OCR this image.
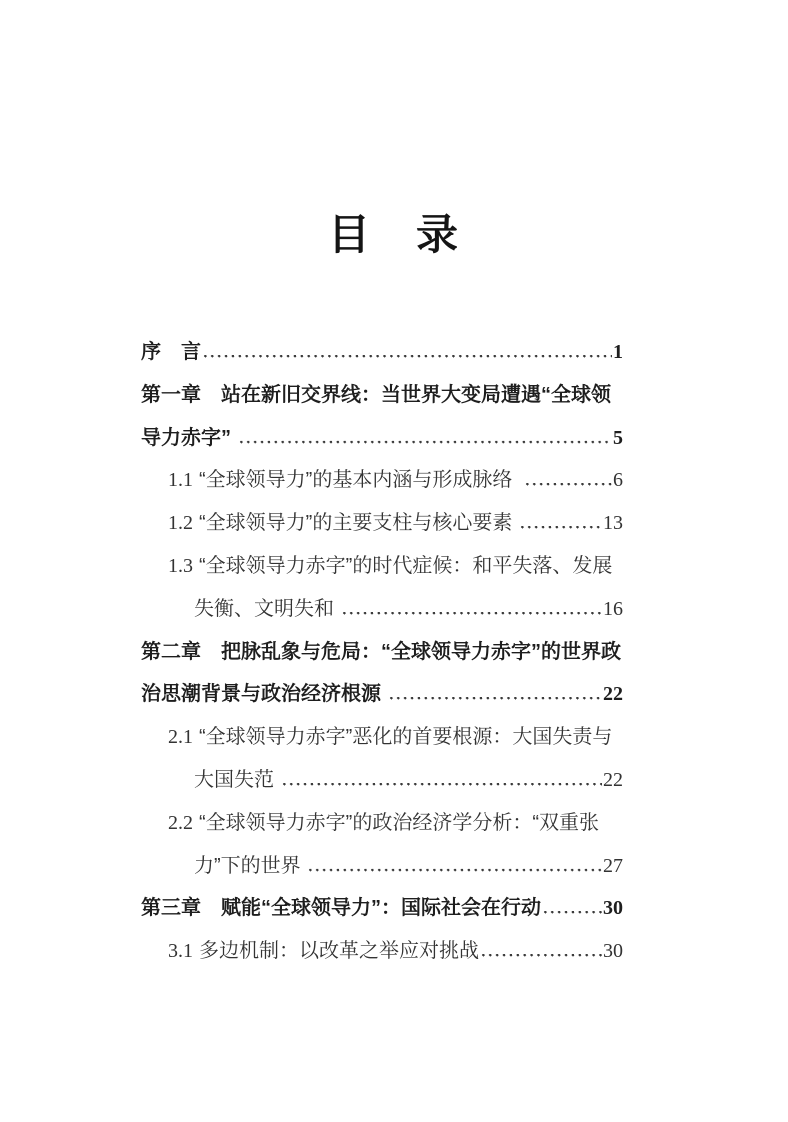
目　录
序　言	1
第一章　站在新旧交界线：当世界大变局遭遇“全球领
导力赤字”	5
1.1 “全球领导力”的基本内涵与形成脉络	6
1.2 “全球领导力”的主要支柱与核心要素	13
1.3 “全球领导力赤字”的时代症候：和平失落、发展
失衡、文明失和	16
第二章　把脉乱象与危局：“全球领导力赤字”的世界政
治思潮背景与政治经济根源	22
2.1 “全球领导力赤字”恶化的首要根源：大国失责与
大国失范	22
2.2 “全球领导力赤字”的政治经济学分析：“双重张
力”下的世界	27
第三章　赋能“全球领导力”：国际社会在行动	30
3.1 多边机制：以改革之举应对挑战	30
